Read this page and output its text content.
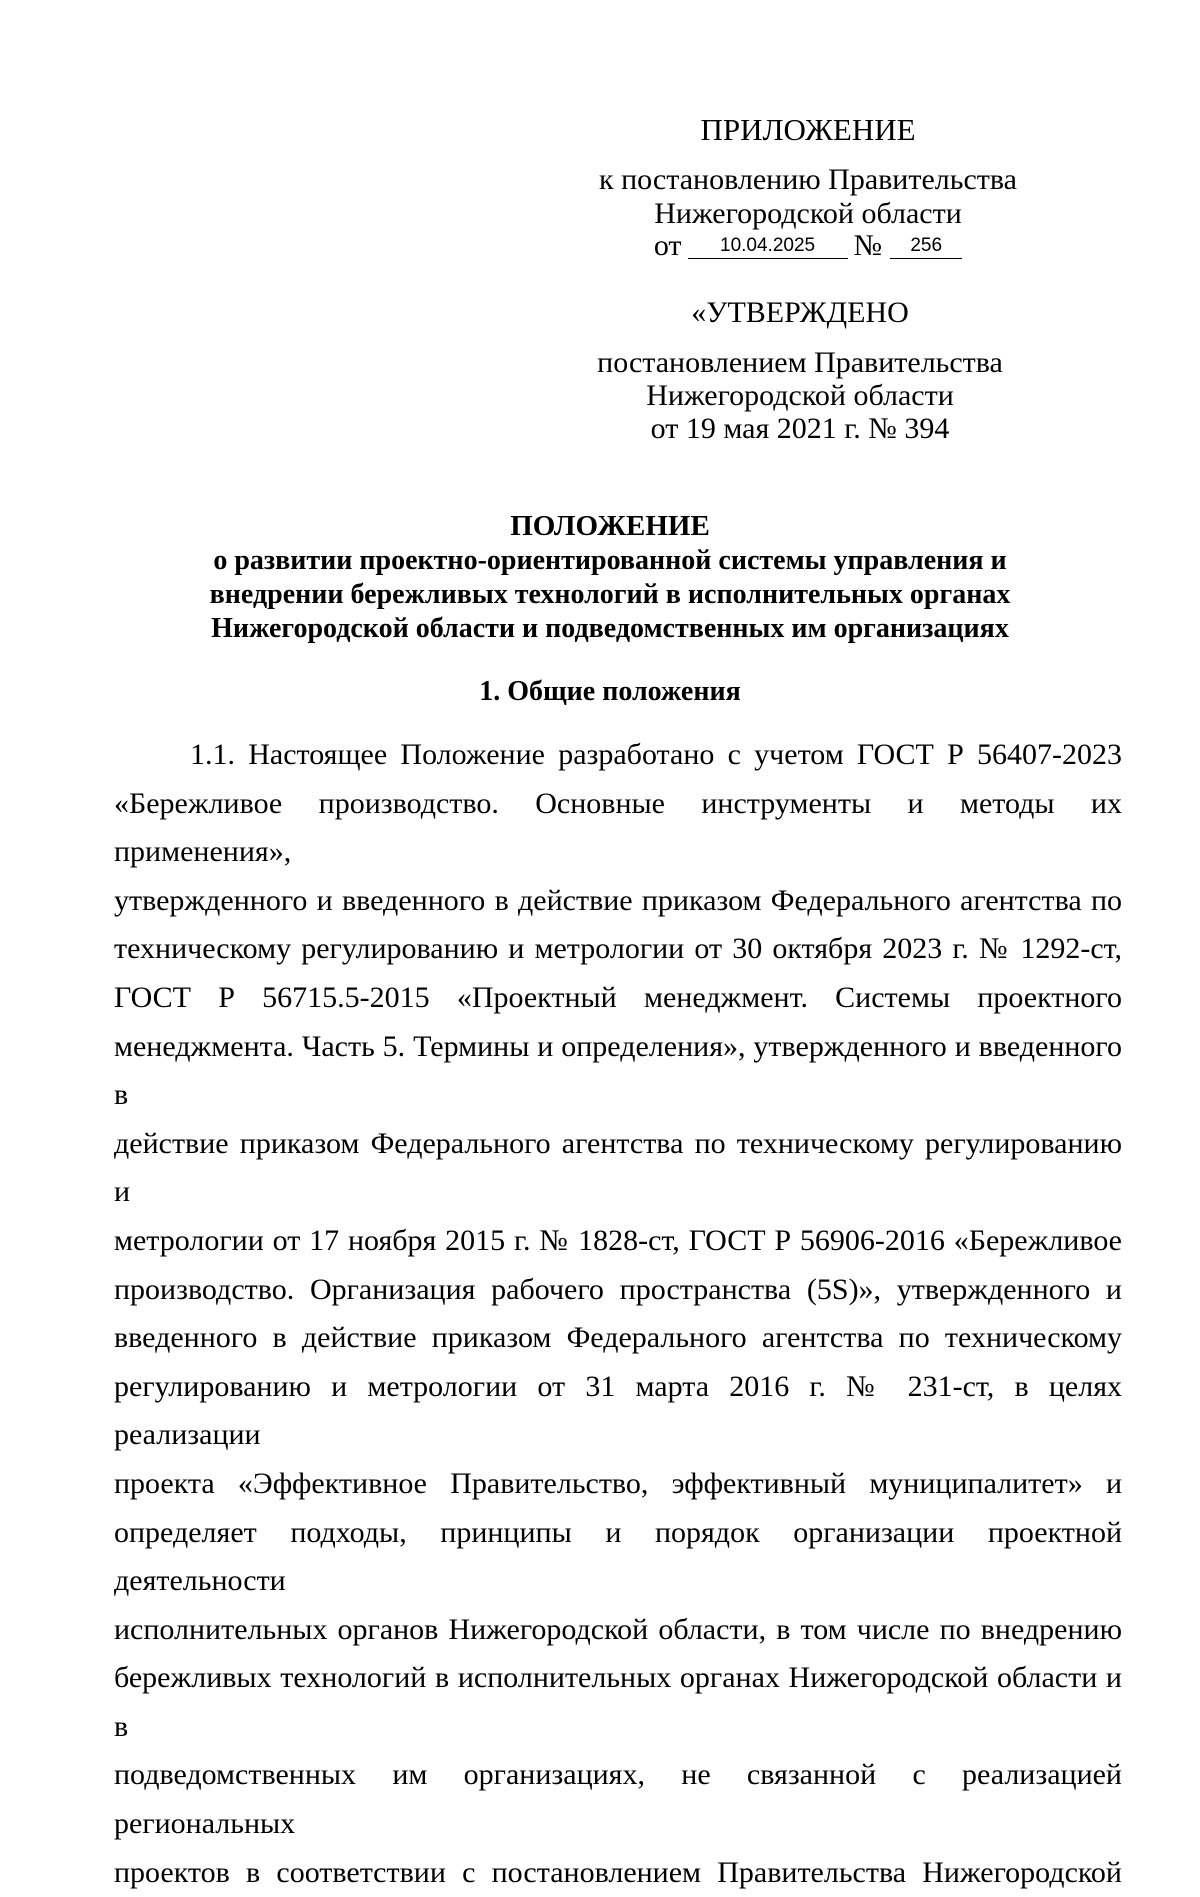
ПРИЛОЖЕНИЕ
к постановлению Правительства
Нижегородской области
от 10.04.2025 № 256
«УТВЕРЖДЕНО
постановлением Правительства
Нижегородской области
от 19 мая 2021 г. № 394
ПОЛОЖЕНИЕ
о развитии проектно-ориентированной системы управления и
внедрении бережливых технологий в исполнительных органах
Нижегородской области и подведомственных им организациях
1. Общие положения
1.1. Настоящее Положение разработано с учетом ГОСТ Р 56407-2023
«Бережливое производство. Основные инструменты и методы их применения»,
утвержденного и введенного в действие приказом Федерального агентства по
техническому регулированию и метрологии от 30 октября 2023 г. № 1292-ст,
ГОСТ Р 56715.5-2015 «Проектный менеджмент. Системы проектного
менеджмента. Часть 5. Термины и определения», утвержденного и введенного в
действие приказом Федерального агентства по техническому регулированию и
метрологии от 17 ноября 2015 г. № 1828-ст, ГОСТ Р 56906-2016 «Бережливое
производство. Организация рабочего пространства (5S)», утвержденного и
введенного в действие приказом Федерального агентства по техническому
регулированию и метрологии от 31 марта 2016 г. № 231-ст, в целях реализации
проекта «Эффективное Правительство, эффективный муниципалитет» и
определяет подходы, принципы и порядок организации проектной деятельности
исполнительных органов Нижегородской области, в том числе по внедрению
бережливых технологий в исполнительных органах Нижегородской области и в
подведомственных им организациях, не связанной с реализацией региональных
проектов в соответствии с постановлением Правительства Нижегородской
